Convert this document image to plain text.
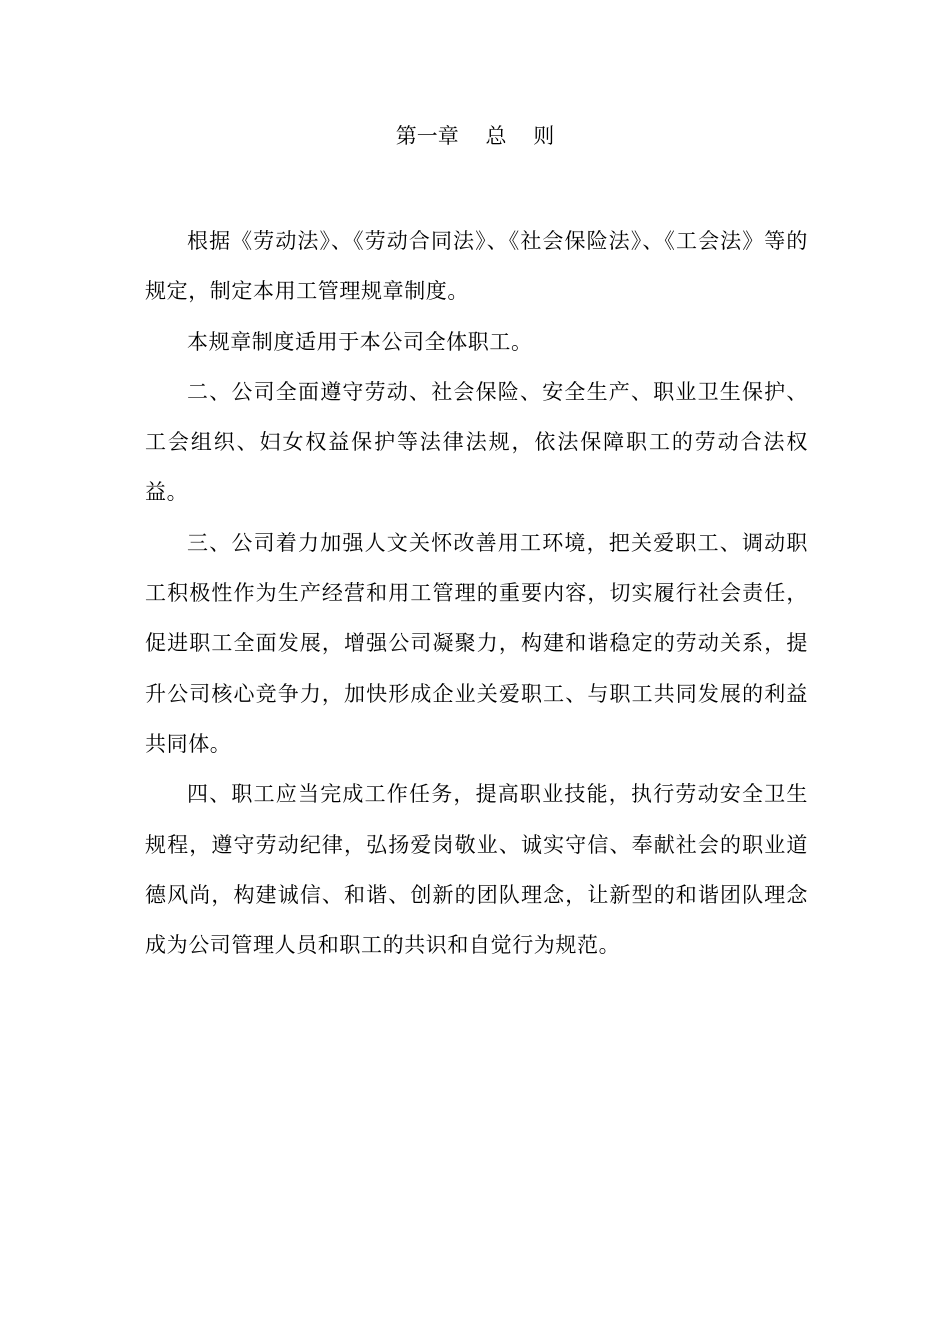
第一章    总    则

根据《劳动法》、《劳动合同法》、《社会保险法》、《工会法》等的规定，制定本用工管理规章制度。

本规章制度适用于本公司全体职工。

二、公司全面遵守劳动、社会保险、安全生产、职业卫生保护、工会组织、妇女权益保护等法律法规，依法保障职工的劳动合法权益。

三、公司着力加强人文关怀改善用工环境，把关爱职工、调动职工积极性作为生产经营和用工管理的重要内容，切实履行社会责任，促进职工全面发展，增强公司凝聚力，构建和谐稳定的劳动关系，提升公司核心竞争力，加快形成企业关爱职工、与职工共同发展的利益共同体。

四、职工应当完成工作任务，提高职业技能，执行劳动安全卫生规程，遵守劳动纪律，弘扬爱岗敬业、诚实守信、奉献社会的职业道德风尚，构建诚信、和谐、创新的团队理念，让新型的和谐团队理念成为公司管理人员和职工的共识和自觉行为规范。
